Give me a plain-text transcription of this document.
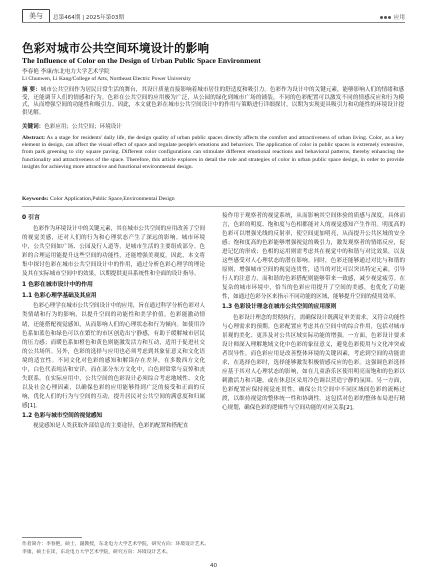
美与	总第464期 | 2025年第03期	应用
色彩对城市公共空间环境设计的影响
The Influence of Color on the Design of Urban Public Space Environment
李春艳 李康/东北电力大学艺术学院
Li Chunwen, Li Kang/College of Arts, Northeast Electric Power University
摘 要：城市公共空间作为居民日常生活的舞台，其设计质量直接影响着城市居住的舒适度和吸引力。色彩作为设计中的关键元素，能够影响人们的情绪和感受，还能调节人们的情感和行为。色彩在公共空间的应用极为广泛，从公园的绿化到城市广场的铺装，不同的色彩配置可以激发不同的情感反应和行为模式，从而增强空间的功能性和吸引力。因此，本文就色彩在城市公共空间设计中的作用与策略进行详细探讨，以期为实现更具吸引力和功能性的环境设计提供见解。
关键词：色彩应用；公共空间；环境设计
Abstract: As a stage for residents' daily life, the design quality of urban public spaces directly affects the comfort and attractiveness of urban living. Color, as a key element in design, can affect the visual effect of space and regulate people's emotions and behaviors. The application of color in public spaces is extremely extensive, from park greening to city square paving. Different color configurations can stimulate different emotional reactions and behavioral patterns, thereby enhancing the functionality and attractiveness of the space. Therefore, this article explores in detail the role and strategies of color in urban public space design, in order to provide insights for achieving more attractive and functional environmental design.
Keywords: Color Application,Public Space,Environmental Design
0 引言

色彩作为环境设计中的关键元素，其在城市公共空间的应用改善了空间的视觉美感，还对人们的行为和心理状态产生了深远的影响。城市环境中，公共空间如广场、公园及行人道等，是城市生活的主要组成部分。色彩的合理运用能提升这些空间的功能性，还能增强美观度。因此，本文将集中探讨色彩在城市公共空间设计中的作用，通过分析色彩心理学的理论及其在实际城市空间中的效果，以期提供更具系统性和全面的设计指导。

1 色彩在城市设计中的作用
1.1 色彩心理学基础及其应用

色彩心理学在城市公共空间设计中的应用，旨在通过科学分析色彩对人类情绪和行为的影响，以提升空间的功能性和美学价值。色彩能激动情绪，还能搭配视觉感知，从而影响人们的心理状态和行为倾向。如使用冷色系如蓝色和绿色可以在繁忙的市区创造出宁静感，有助于缓解城市居民的压力感；而暖色系如橙色和黄色则能激发活力和互动，适用于促进社交的公共场所。另外，色彩的选择与应用也必须考虑到其象征意义和文化语境的适宜性。不同文化对色彩的感知和解读存在差异，在多数西方文化中，白色代表纯洁和安详，而在部分东方文化中，白色则常常与哀悼和丧失联系。在实际应用中，公共空间的色彩设计必须综合考虑地域性、文化以及社会心理因素，以确保色彩的应用能够得到广泛的接受和正面的反响，优化人们的行为与空间的互动，提升居民对公共空间的满意度和归属感[1]。

1.2 色彩与城市空间的视觉感知

视觉感知是人类获取外部信息的主要途径，色彩的配置和搭配直

接作用于观察者的视觉系统，从而影响其空间体验的质感与深度。具体而言，色彩的明度、饱和度与色相都能对人的视觉感知产生作用。明度高的色彩可以增强光线的反射率，使空间更加明亮，从而提升公共区域的安全感；饱和度高的色彩能够增强视觉的吸引力，激发观察者的情绪反应，促进记忆的形成；色相的运用则需考虑其在视觉中的和谐与对比效果，以及这些感受对人心理状态的潜在影响。同时，色彩还能够通过对比与和谐的原则，增强城市空间的视觉连贯性，适当的对比可以突出特定元素，引导行人的注意力，而和谐的色彩搭配则能够带来一致感，减少视觉疲劳。在复杂的城市环境中，恰当的色彩应用提升了空间的美感，也优化了功能性，如通过色彩分区来指示不同功能的区域，能够提升空间的使用效率。

1.3 色彩设计理念在城市公共空间的应用原则

色彩设计理念的贯彻执行，需确保设计既满足审美需求，又符合功能性与心理需求的预期。色彩配置应考虑其在空间中的综合作用，包括对城市景观的美化、更涉及对公共区域实际功能的增强。一方面，色彩设计要求设计师深入理解地域文化中色彩的象征意义，避免色彩使用与文化冲突或者误导性。而色彩应用是改善整体环境的关键因素，考虑到空间的功能需求，在选择色彩时，选择能够激发积极情感反应的色彩。这强调色彩选择应基于其对人心理状态的影响，如在儿童游乐区使用明亮而饱和的色彩以刺激活力和兴趣，或在休息区采用冷色调以营造宁静的氛围。另一方面，色彩配置应保持视觉连贯性，确保公共空间中不同区域间色彩的流畅过渡，以维持视觉的整体统一性和协调性。这包括对色彩的整体布局进行精心规划，确保色彩的逻辑性与空间功能的对应关系[2]。

作者简介：李春艳，硕士，副教授，东北电力大学艺术学院，研究方向：环境设计艺术。
李康，硕士在读，东北电力大学艺术学院，研究方向：环境设计艺术。
40
